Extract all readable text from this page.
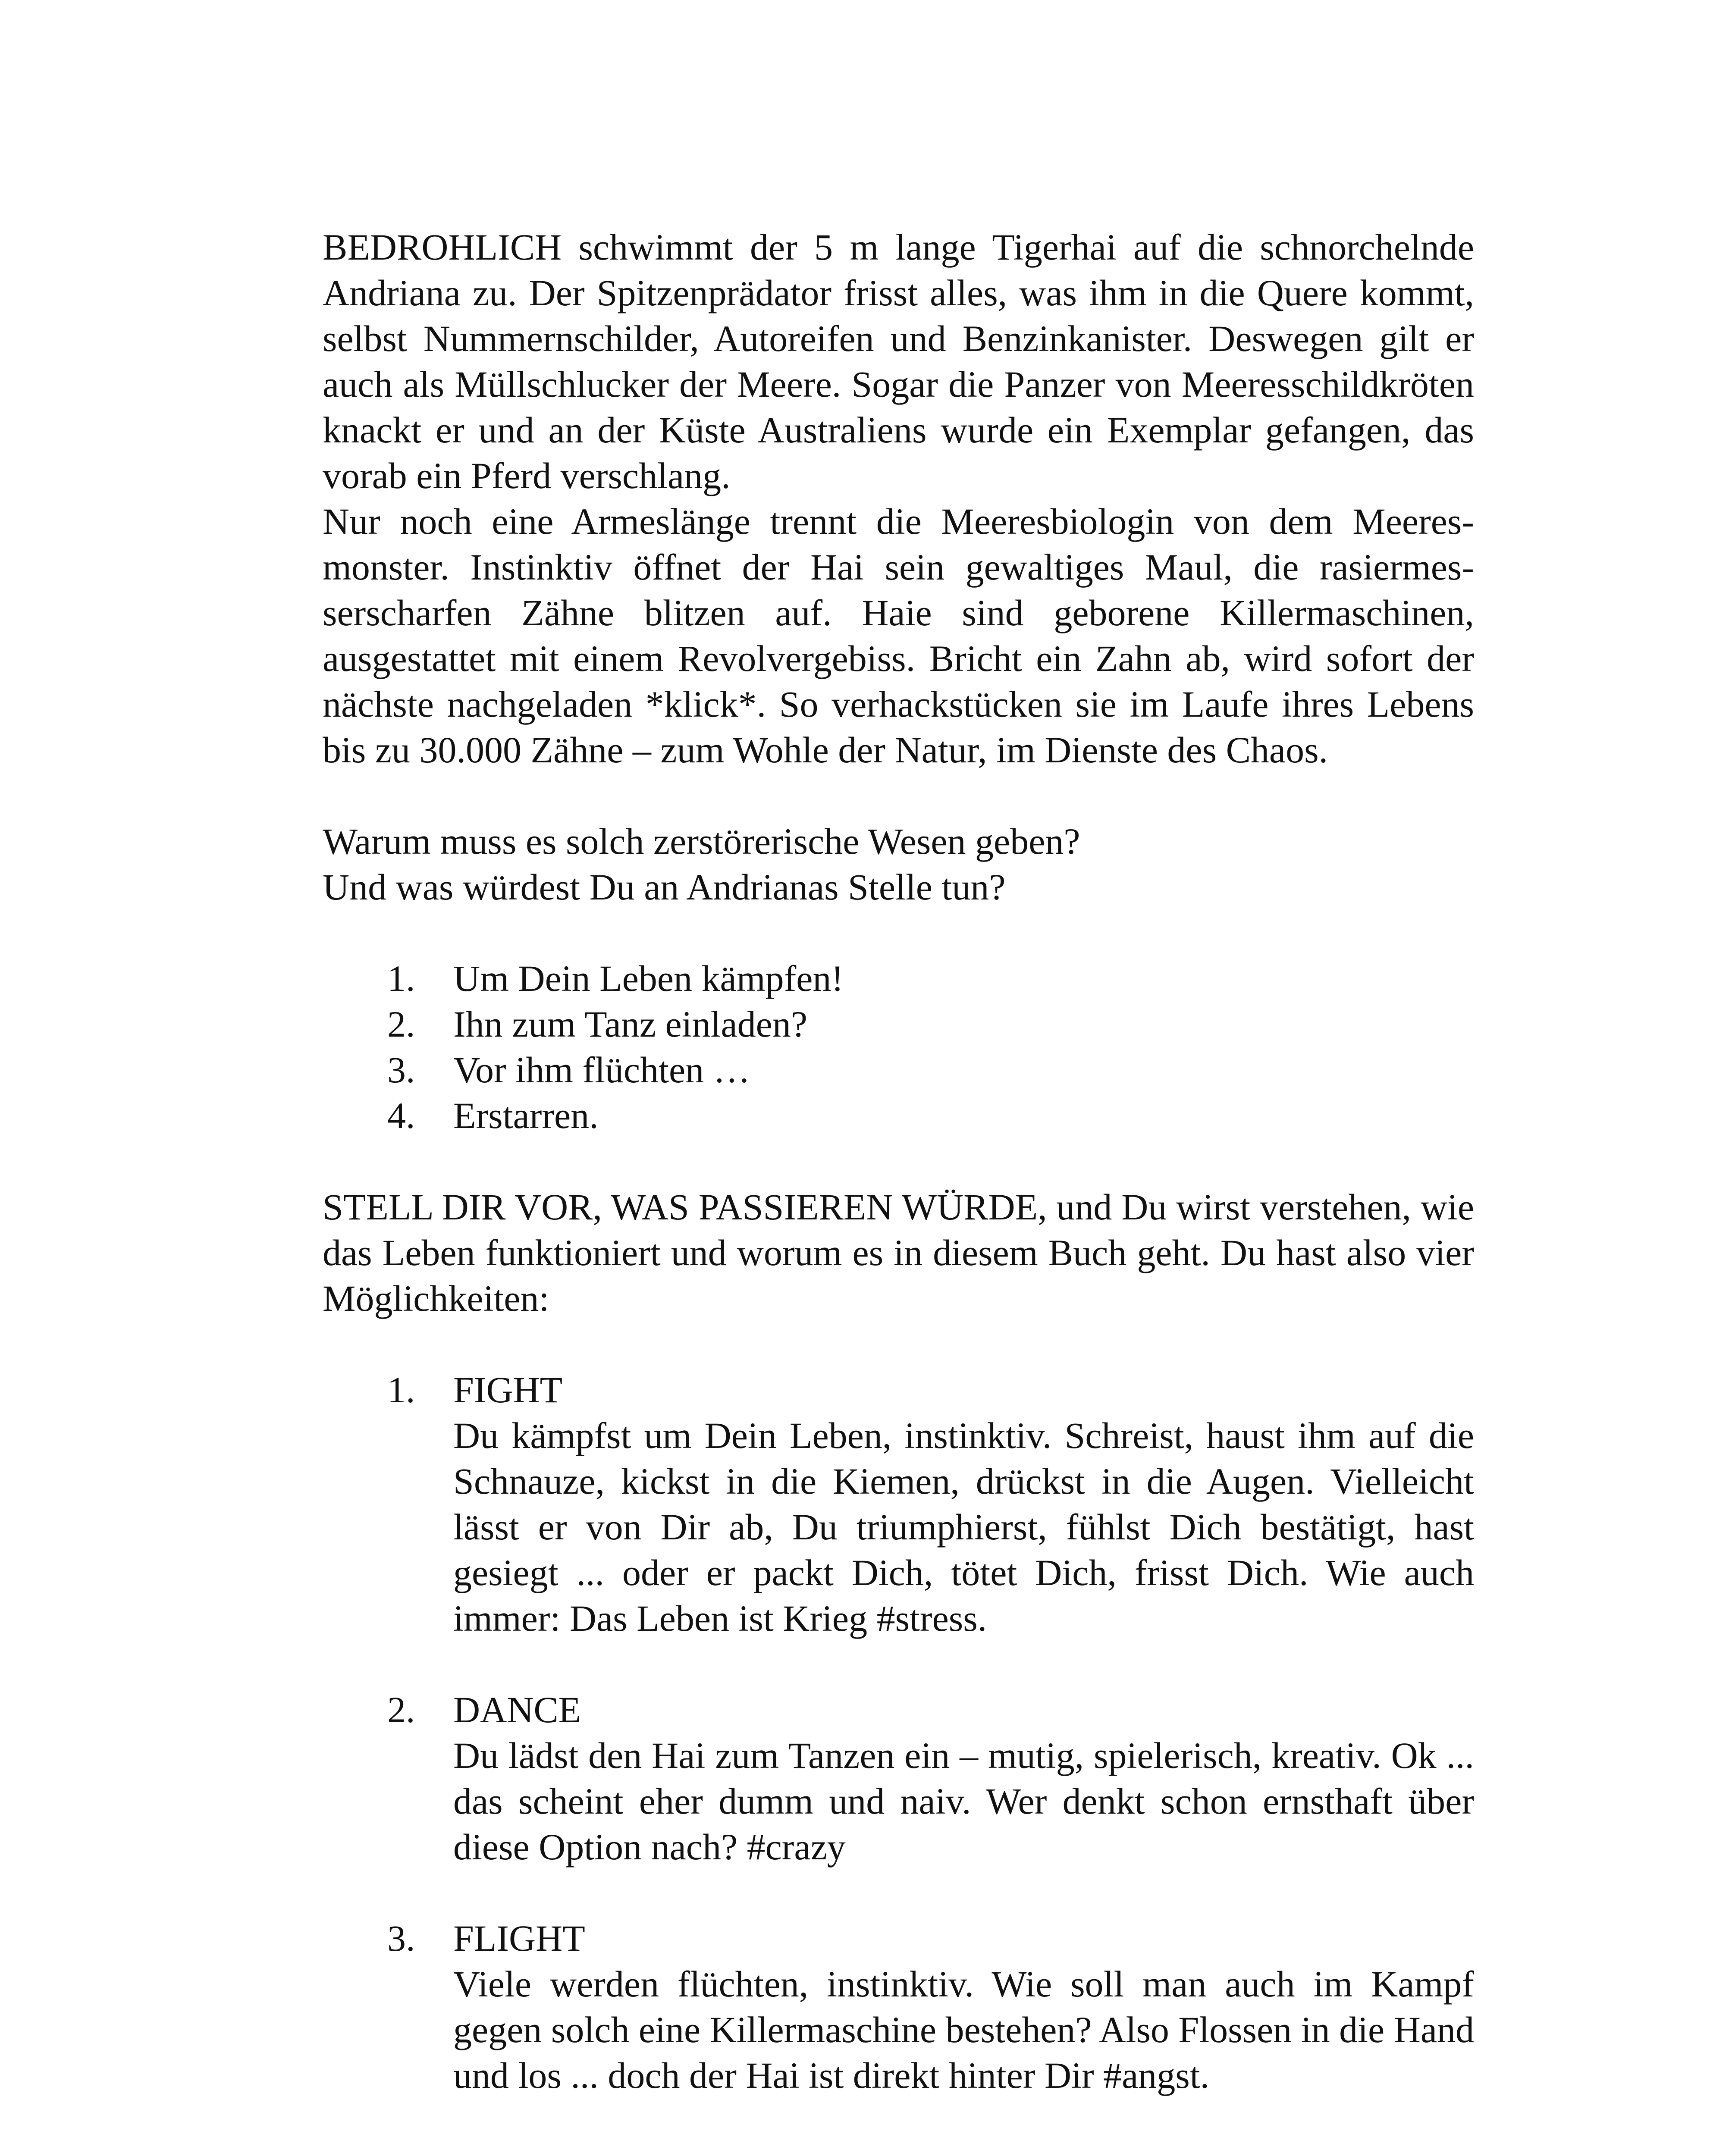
BEDROHLICH schwimmt der 5 m lange Tigerhai auf die schnorchelnde Andriana zu. Der Spitzenprädator frisst alles, was ihm in die Quere kommt, selbst Nummernschilder, Autoreifen und Benzinkanister. Deswegen gilt er auch als Müllschlucker der Meere. Sogar die Panzer von Meeresschildkröten knackt er und an der Küste Australiens wurde ein Exemplar gefangen, das vorab ein Pferd verschlang.

Nur noch eine Armeslänge trennt die Meeresbiologin von dem Meeresmonster. Instinktiv öffnet der Hai sein gewaltiges Maul, die rasiermesserscharfen Zähne blitzen auf. Haie sind geborene Killermaschinen, ausgestattet mit einem Revolvergebiss. Bricht ein Zahn ab, wird sofort der nächste nachgeladen *klick*. So verhackstücken sie im Laufe ihres Lebens bis zu 30.000 Zähne – zum Wohle der Natur, im Dienste des Chaos.

Warum muss es solch zerstörerische Wesen geben?

Und was würdest Du an Andrianas Stelle tun?

1.	Um Dein Leben kämpfen!
2.	Ihn zum Tanz einladen?
3.	Vor ihm flüchten …
4.	Erstarren.

STELL DIR VOR, WAS PASSIEREN WÜRDE, und Du wirst verstehen, wie das Leben funktioniert und worum es in diesem Buch geht. Du hast also vier Möglichkeiten:

1.	FIGHT
Du kämpfst um Dein Leben, instinktiv. Schreist, haust ihm auf die Schnauze, kickst in die Kiemen, drückst in die Augen. Vielleicht lässt er von Dir ab, Du triumphierst, fühlst Dich bestätigt, hast gesiegt ... oder er packt Dich, tötet Dich, frisst Dich. Wie auch immer: Das Leben ist Krieg #stress.
2.	DANCE
Du lädst den Hai zum Tanzen ein – mutig, spielerisch, kreativ. Ok ... das scheint eher dumm und naiv. Wer denkt schon ernsthaft über diese Option nach? #crazy
3.	FLIGHT
Viele werden flüchten, instinktiv. Wie soll man auch im Kampf gegen solch eine Killermaschine bestehen? Also Flossen in die Hand und los ... doch der Hai ist direkt hinter Dir #angst.
